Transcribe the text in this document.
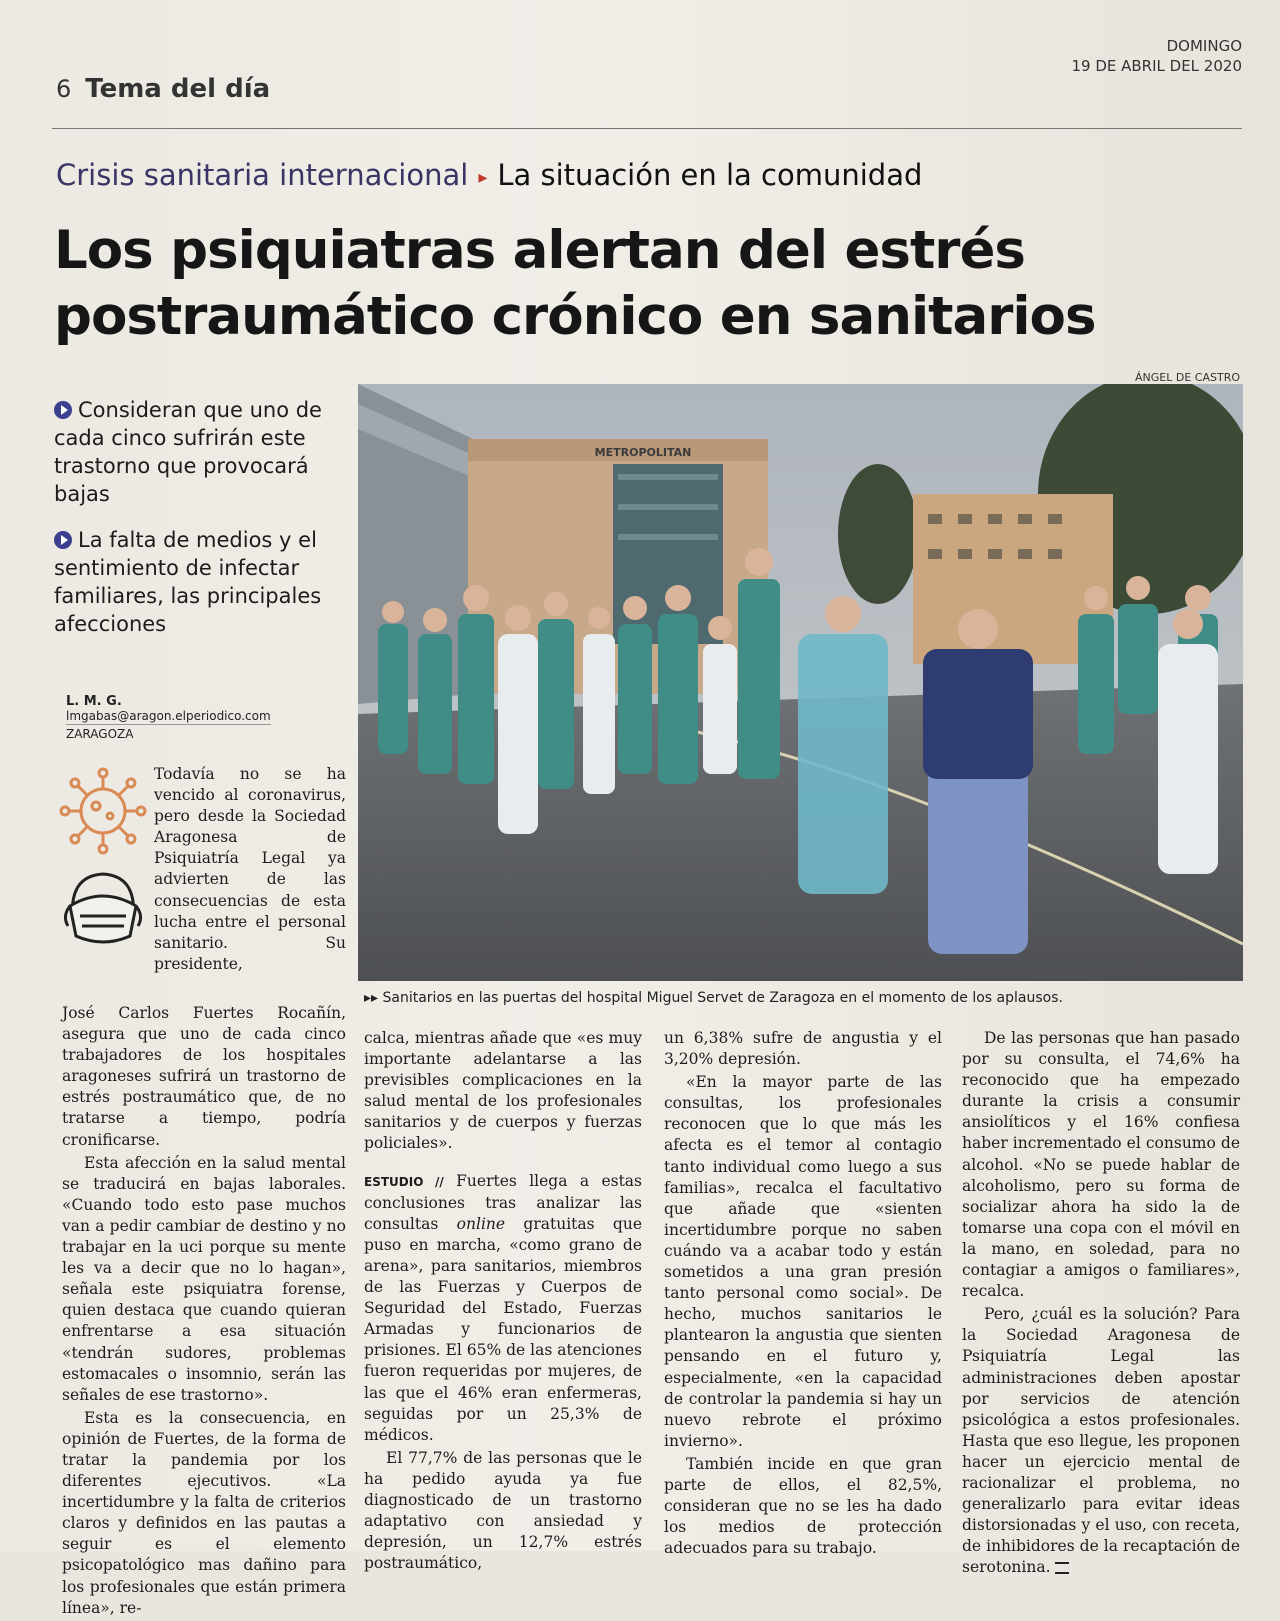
6 Tema del día
DOMINGO
19 DE ABRIL DEL 2020
Crisis sanitaria internacional ▸ La situación en la comunidad
Los psiquiatras alertan del estrés
postraumático crónico en sanitarios
ÁNGEL DE CASTRO
METROPOLITAN
▸▸ Sanitarios en las puertas del hospital Miguel Servet de Zaragoza en el momento de los aplausos.
Consideran que uno de cada cinco sufrirán este trastorno que provocará bajas
La falta de medios y el sentimiento de infectar familiares, las principales afecciones
L. M. G.
lmgabas@aragon.elperiodico.com
ZARAGOZA

Todavía no se ha vencido al coronavirus, pero desde la Sociedad Aragonesa de Psiquiatría Legal ya advierten de las consecuencias de esta lucha entre el personal sanitario. Su presidente,

José Carlos Fuertes Rocañín, asegura que uno de cada cinco trabajadores de los hospitales aragoneses sufrirá un trastorno de estrés postraumático que, de no tratarse a tiempo, podría cronificarse.

Esta afección en la salud mental se traducirá en bajas laborales. «Cuando todo esto pase muchos van a pedir cambiar de destino y no trabajar en la uci porque su mente les va a decir que no lo hagan», señala este psiquiatra forense, quien destaca que cuando quieran enfrentarse a esa situación «tendrán sudores, problemas estomacales o insomnio, serán las señales de ese trastorno».

Esta es la consecuencia, en opinión de Fuertes, de la forma de tratar la pandemia por los diferentes ejecutivos. «La incertidumbre y la falta de criterios claros y definidos en las pautas a seguir es el elemento psicopatológico mas dañino para los profesionales que están primera línea», re-

calca, mientras añade que «es muy importante adelantarse a las previsibles complicaciones en la salud mental de los profesionales sanitarios y de cuerpos y fuerzas policiales».

ESTUDIO // Fuertes llega a estas conclusiones tras analizar las consultas online gratuitas que puso en marcha, «como grano de arena», para sanitarios, miembros de las Fuerzas y Cuerpos de Seguridad del Estado, Fuerzas Armadas y funcionarios de prisiones. El 65% de las atenciones fueron requeridas por mujeres, de las que el 46% eran enfermeras, seguidas por un 25,3% de médicos.

El 77,7% de las personas que le ha pedido ayuda ya fue diagnosticado de un trastorno adaptativo con ansiedad y depresión, un 12,7% estrés postraumático,

un 6,38% sufre de angustia y el 3,20% depresión.

«En la mayor parte de las consultas, los profesionales reconocen que lo que más les afecta es el temor al contagio tanto individual como luego a sus familias», recalca el facultativo que añade que «sienten incertidumbre porque no saben cuándo va a acabar todo y están sometidos a una gran presión tanto personal como social». De hecho, muchos sanitarios le plantearon la angustia que sienten pensando en el futuro y, especialmente, «en la capacidad de controlar la pandemia si hay un nuevo rebrote el próximo invierno».

También incide en que gran parte de ellos, el 82,5%, consideran que no se les ha dado los medios de protección adecuados para su trabajo.

De las personas que han pasado por su consulta, el 74,6% ha reconocido que ha empezado durante la crisis a consumir ansiolíticos y el 16% confiesa haber incrementado el consumo de alcohol. «No se puede hablar de alcoholismo, pero su forma de socializar ahora ha sido la de tomarse una copa con el móvil en la mano, en soledad, para no contagiar a amigos o familiares», recalca.

Pero, ¿cuál es la solución? Para la Sociedad Aragonesa de Psiquiatría Legal las administraciones deben apostar por servicios de atención psicológica a estos profesionales. Hasta que eso llegue, les proponen hacer un ejercicio mental de racionalizar el problema, no generalizarlo para evitar ideas distorsionadas y el uso, con receta, de inhibidores de la recaptación de serotonina.
